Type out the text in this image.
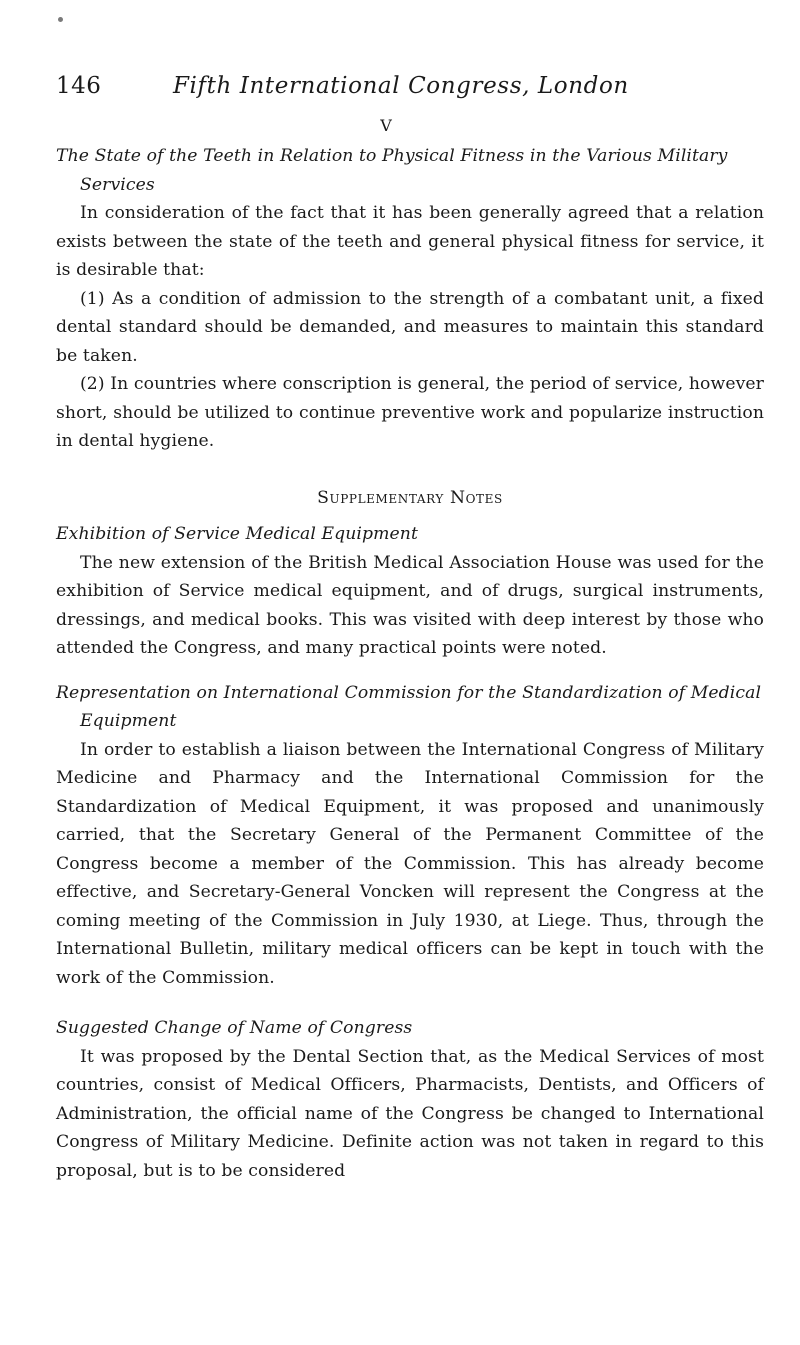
146	Fifth International Congress, London
V

The State of the Teeth in Relation to Physical Fitness in the Various Military Services

In consideration of the fact that it has been generally agreed that a relation exists between the state of the teeth and general physical fitness for service, it is desirable that:

(1) As a condition of admission to the strength of a combatant unit, a fixed dental standard should be demanded, and measures to maintain this standard be taken.

(2) In countries where conscription is general, the period of service, however short, should be utilized to continue preventive work and popularize instruction in dental hygiene.

Supplementary Notes

Exhibition of Service Medical Equipment

The new extension of the British Medical Association House was used for the exhibition of Service medical equipment, and of drugs, surgical instruments, dressings, and medical books. This was visited with deep interest by those who attended the Congress, and many practical points were noted.

Representation on International Commission for the Standardization of Medical Equipment

In order to establish a liaison between the International Congress of Military Medicine and Pharmacy and the International Commission for the Standardization of Medical Equipment, it was proposed and unanimously carried, that the Secretary General of the Permanent Committee of the Congress become a member of the Commission. This has already become effective, and Secretary-General Voncken will represent the Congress at the coming meeting of the Commission in July 1930, at Liege. Thus, through the International Bulletin, military medical officers can be kept in touch with the work of the Commission.

Suggested Change of Name of Congress

It was proposed by the Dental Section that, as the Medical Services of most countries, consist of Medical Officers, Pharmacists, Dentists, and Officers of Administration, the official name of the Congress be changed to International Congress of Military Medicine. Definite action was not taken in regard to this proposal, but is to be considered
